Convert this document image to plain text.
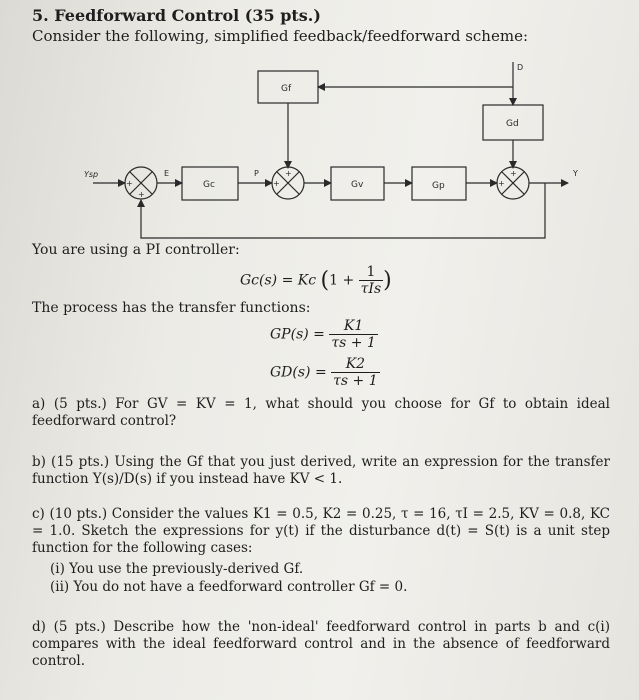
5. Feedforward Control (35 pts.)
Consider the following, simplified feedback/feedforward scheme:
D
Ysp	E	P	Y
Gf
Gd
Gc	Gv	Gp
+
+
+
+
+
+
You are using a PI controller:
Gc(s) = Kc ($1 + \frac{1}{\text{τIs}}$ )
The process has the transfer functions:
$GP(s) = \frac{K1}{\tau s + 1}$
$GD(s) = \frac{K2}{\tau s + 1}$
a) (5 pts.) For GV = KV = 1, what should you choose for Gf to obtain ideal feedforward control?
b) (15 pts.) Using the Gf that you just derived, write an expression for the transfer function Y(s)/D(s) if you instead have KV < 1.
c) (10 pts.) Consider the values K1 = 0.5, K2 = 0.25, τ = 16, τI = 2.5, KV = 0.8, KC = 1.0. Sketch the expressions for y(t) if the disturbance d(t) = S(t) is a unit step function for the following cases:
(i) You use the previously-derived Gf.
(ii) You do not have a feedforward controller Gf = 0.
d) (5 pts.) Describe how the 'non-ideal' feedforward control in parts b and c(i) compares with the ideal feedforward control and in the absence of feedforward control.
